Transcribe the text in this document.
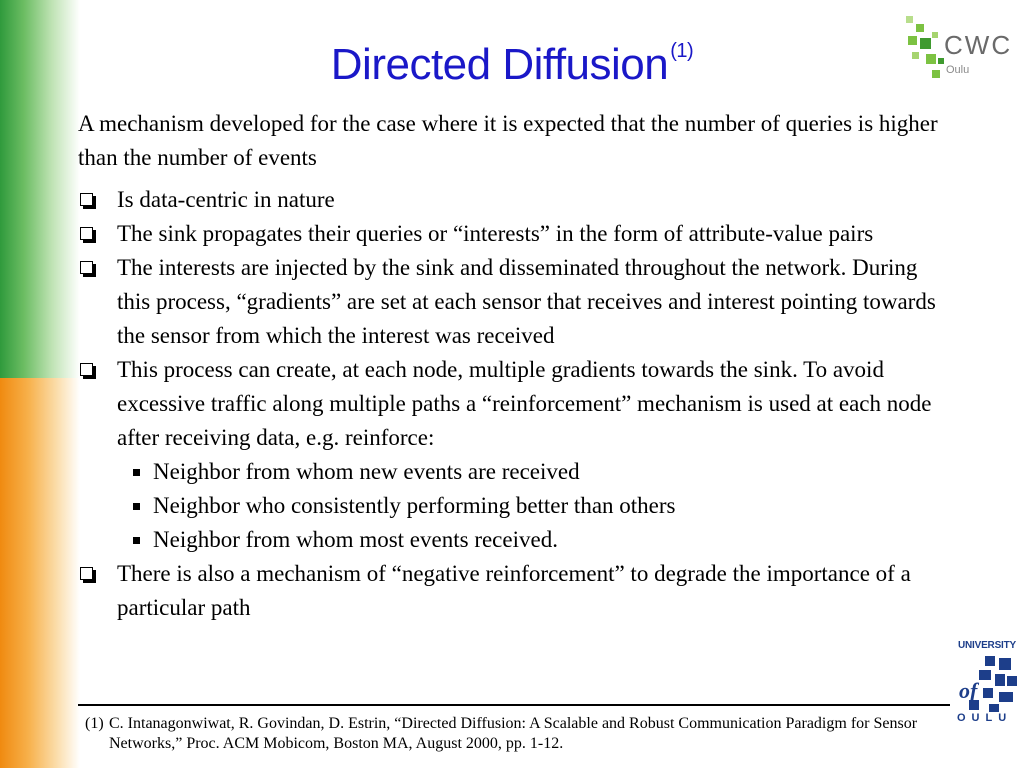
Directed Diffusion $^{(1)}$	CWC
Oulu

A mechanism developed for the case where it is expected that the number of queries is higher than the number of events

Is data-centric in nature
The sink propagates their queries or “interests” in the form of attribute-value pairs
The interests are injected by the sink and disseminated throughout the network. During this process, “gradients” are set at each sensor that receives and interest pointing towards the sensor from which the interest was received
This process can create, at each node, multiple gradients towards the sink. To avoid excessive traffic along multiple paths a “reinforcement” mechanism is used at each node after receiving data, e.g. reinforce:
Neighbor from whom new events are received
Neighbor who consistently performing better than others
Neighbor from whom most events received.
There is also a mechanism of “negative reinforcement” to degrade the importance of a particular path
(1) C. Intanagonwiwat, R. Govindan, D. Estrin, “Directed Diffusion: A Scalable and Robust Communication Paradigm for Sensor Networks,” Proc. ACM Mobicom, Boston MA, August 2000, pp. 1-12.
UNIVERSITY
of
OULU
